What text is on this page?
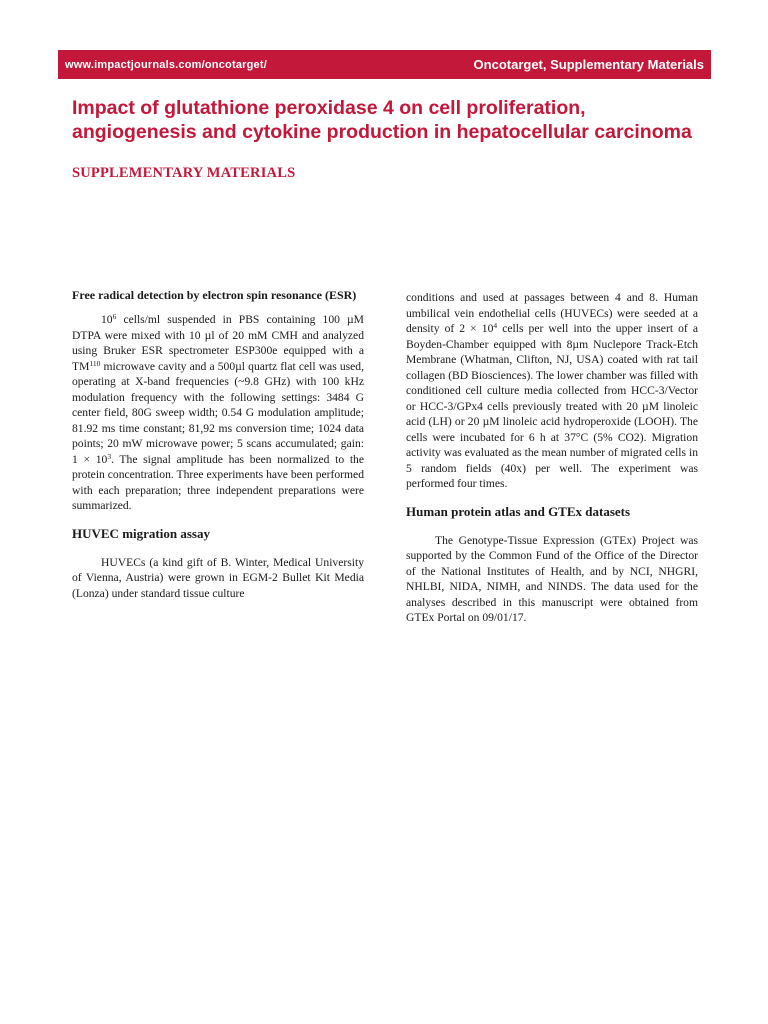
www.impactjournals.com/oncotarget/	Oncotarget, Supplementary Materials
Impact of glutathione peroxidase 4 on cell proliferation, angiogenesis and cytokine production in hepatocellular carcinoma
SUPPLEMENTARY MATERIALS
Free radical detection by electron spin resonance (ESR)

$10^6$ cells/ml suspended in PBS containing 100 µM DTPA were mixed with 10 µl of 20 mM CMH and analyzed using Bruker ESR spectrometer ESP300e equipped with a TM$^{110}$ microwave cavity and a 500µl quartz flat cell was used, operating at X-band frequencies (~9.8 GHz) with 100 kHz modulation frequency with the following settings: 3484 G center field, 80G sweep width; 0.54 G modulation amplitude; 81.92 ms time constant; 81,92 ms conversion time; 1024 data points; 20 mW microwave power; 5 scans accumulated; gain: $1 \times 10^3$. The signal amplitude has been normalized to the protein concentration. Three experiments have been performed with each preparation; three independent preparations were summarized.

HUVEC migration assay

HUVECs (a kind gift of B. Winter, Medical University of Vienna, Austria) were grown in EGM-2 Bullet Kit Media (Lonza) under standard tissue culture

conditions and used at passages between 4 and 8. Human umbilical vein endothelial cells (HUVECs) were seeded at a density of $2 \times 10^4$ cells per well into the upper insert of a Boyden-Chamber equipped with 8µm Nuclepore Track-Etch Membrane (Whatman, Clifton, NJ, USA) coated with rat tail collagen (BD Biosciences). The lower chamber was filled with conditioned cell culture media collected from HCC-3/Vector or HCC-3/GPx4 cells previously treated with 20 µM linoleic acid (LH) or 20 µM linoleic acid hydroperoxide (LOOH). The cells were incubated for 6 h at 37°C (5% CO2). Migration activity was evaluated as the mean number of migrated cells in 5 random fields (40x) per well. The experiment was performed four times.

Human protein atlas and GTEx datasets

The Genotype-Tissue Expression (GTEx) Project was supported by the Common Fund of the Office of the Director of the National Institutes of Health, and by NCI, NHGRI, NHLBI, NIDA, NIMH, and NINDS. The data used for the analyses described in this manuscript were obtained from GTEx Portal on 09/01/17.
